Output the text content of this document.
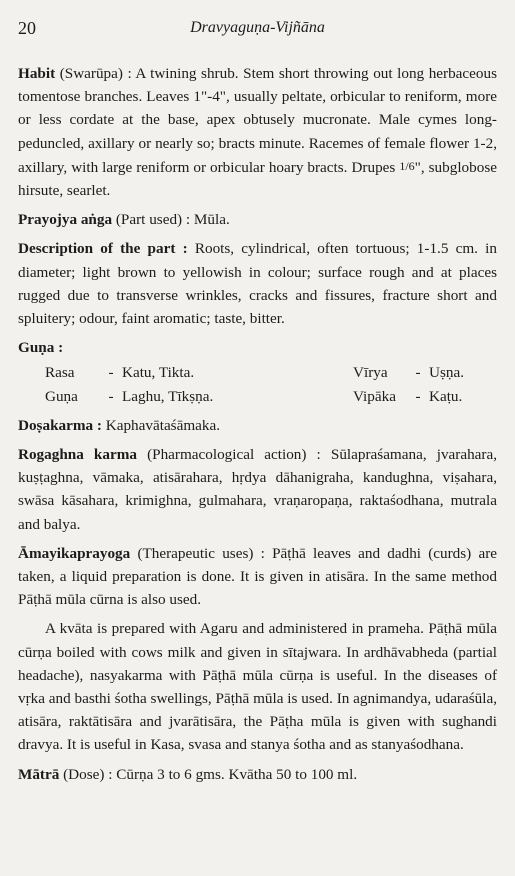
20	Dravyaguṇa-Vijñāna

Habit (Swarūpa) : A twining shrub. Stem short throwing out long herbaceous tomentose branches. Leaves 1"-4", usually peltate, orbicular to reniform, more or less cordate at the base, apex obtusely mucronate. Male cymes long-peduncled, axillary or nearly so; bracts minute. Racemes of female flower 1-2, axillary, with large reniform or orbicular hoary bracts. Drupes 1/6", subglobose hirsute, searlet.

Prayojya aṅga (Part used) : Mūla.

Description of the part : Roots, cylindrical, often tortuous; 1-1.5 cm. in diameter; light brown to yellowish in colour; surface rough and at places rugged due to transverse wrinkles, cracks and fissures, fracture short and spluitery; odour, faint aromatic; taste, bitter.

Guṇa :

Rasa	- Katu, Tikta.	Vīrya	- Uṣṇa.
Guṇa	- Laghu, Tīkṣṇa.	Vipāka	- Kaṭu.

Doṣakarma : Kaphavātaśāmaka.

Rogaghna karma (Pharmacological action) : Sūlapraśamana, jvarahara, kuṣṭaghna, vāmaka, atisārahara, hṛdya dāhanigraha, kandughna, viṣahara, swāsa kāsahara, krimighna, gulmahara, vraṇaropaṇa, raktaśodhana, mutrala and balya.

Āmayikaprayoga (Therapeutic uses) : Pāṭhā leaves and dadhi (curds) are taken, a liquid preparation is done. It is given in atisāra. In the same method Pāṭhā mūla cūrna is also used.

A kvāta is prepared with Agaru and administered in prameha. Pāṭhā mūla cūrṇa boiled with cows milk and given in sītajwara. In ardhāvabheda (partial headache), nasyakarma with Pāṭhā mūla cūrṇa is useful. In the diseases of vṛka and basthi śotha swellings, Pāṭhā mūla is used. In agnimandya, udaraśūla, atisāra, raktātisāra and jvarātisāra, the Pāṭha mūla is given with sughandi dravya. It is useful in Kasa, svasa and stanya śotha and as stanyaśodhana.

Mātrā (Dose) : Cūrṇa 3 to 6 gms. Kvātha 50 to 100 ml.
